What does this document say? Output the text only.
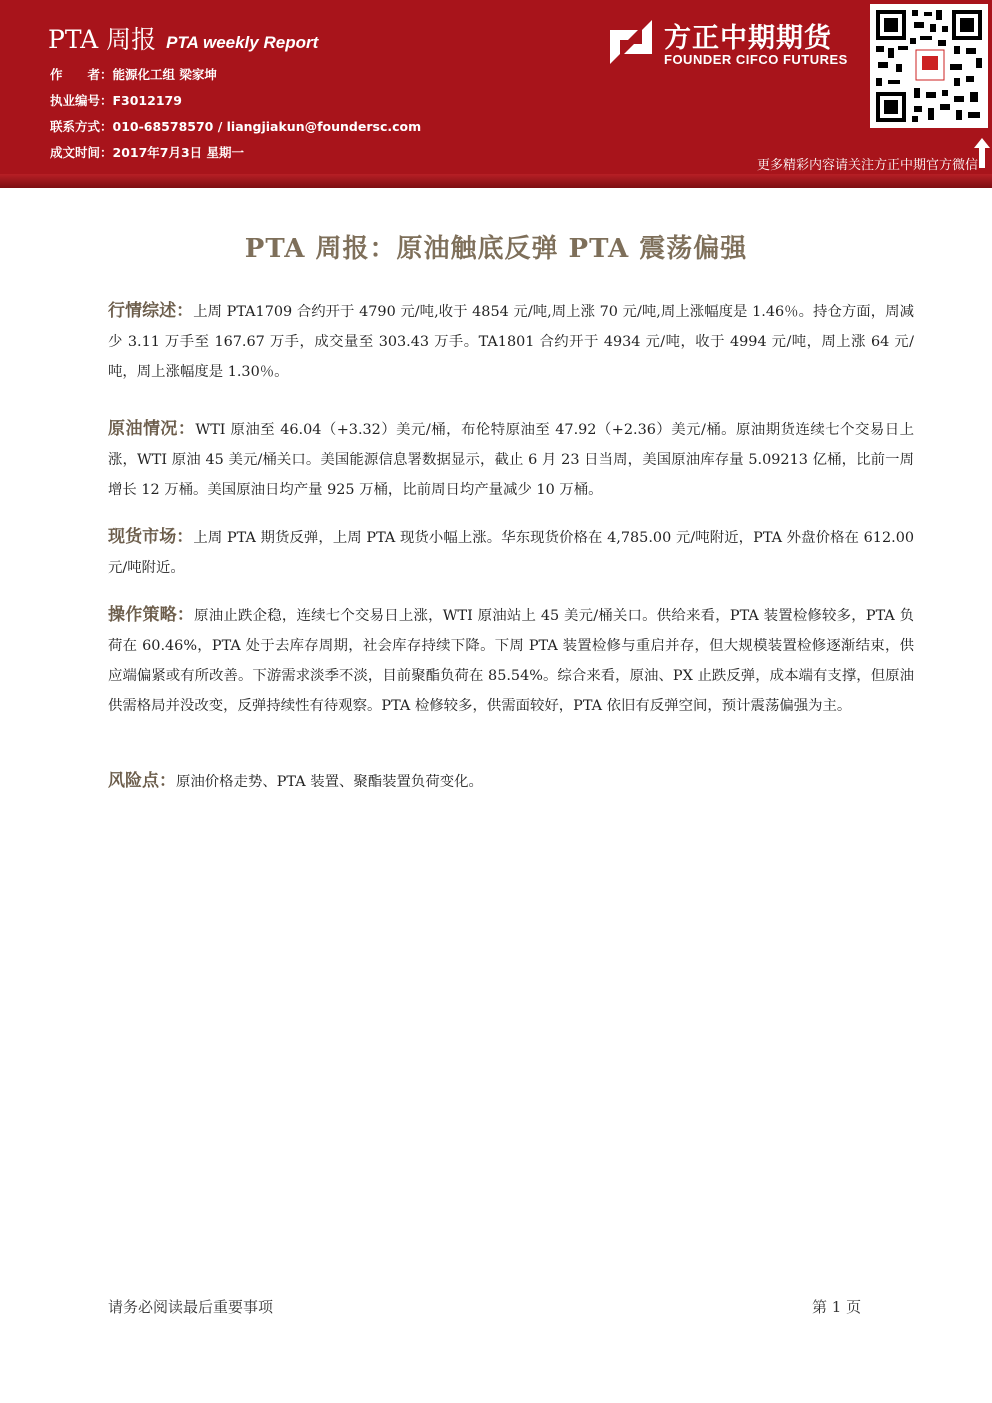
PTA 周报 PTA weekly Report
作　　者：能源化工组 梁家坤
执业编号：F3012179
联系方式：010-68578570 / liangjiakun@foundersc.com
成文时间：2017年7月3日 星期一
方正中期期货
FOUNDER CIFCO FUTURES
更多精彩内容请关注方正中期官方微信
PTA 周报：原油触底反弹 PTA 震荡偏强
行情综述：上周 PTA1709 合约开于 4790 元/吨,收于 4854 元/吨,周上涨 70 元/吨,周上涨幅度是 1.46％。持仓方面，周减少 3.11 万手至 167.67 万手，成交量至 303.43 万手。TA1801 合约开于 4934 元/吨，收于 4994 元/吨，周上涨 64 元/吨，周上涨幅度是 1.30％。
原油情况：WTI 原油至 46.04（+3.32）美元/桶，布伦特原油至 47.92（+2.36）美元/桶。原油期货连续七个交易日上涨，WTI 原油 45 美元/桶关口。美国能源信息署数据显示，截止 6 月 23 日当周，美国原油库存量 5.09213 亿桶，比前一周增长 12 万桶。美国原油日均产量 925 万桶，比前周日均产量减少 10 万桶。
现货市场：上周 PTA 期货反弹，上周 PTA 现货小幅上涨。华东现货价格在 4,785.00 元/吨附近，PTA 外盘价格在 612.00 元/吨附近。
操作策略：原油止跌企稳，连续七个交易日上涨，WTI 原油站上 45 美元/桶关口。供给来看，PTA 装置检修较多，PTA 负荷在 60.46%，PTA 处于去库存周期，社会库存持续下降。下周 PTA 装置检修与重启并存，但大规模装置检修逐渐结束，供应端偏紧或有所改善。下游需求淡季不淡，目前聚酯负荷在 85.54%。综合来看，原油、PX 止跌反弹，成本端有支撑，但原油供需格局并没改变，反弹持续性有待观察。PTA 检修较多，供需面较好，PTA 依旧有反弹空间，预计震荡偏强为主。
风险点：原油价格走势、PTA 装置、聚酯装置负荷变化。
请务必阅读最后重要事项	第 1 页
